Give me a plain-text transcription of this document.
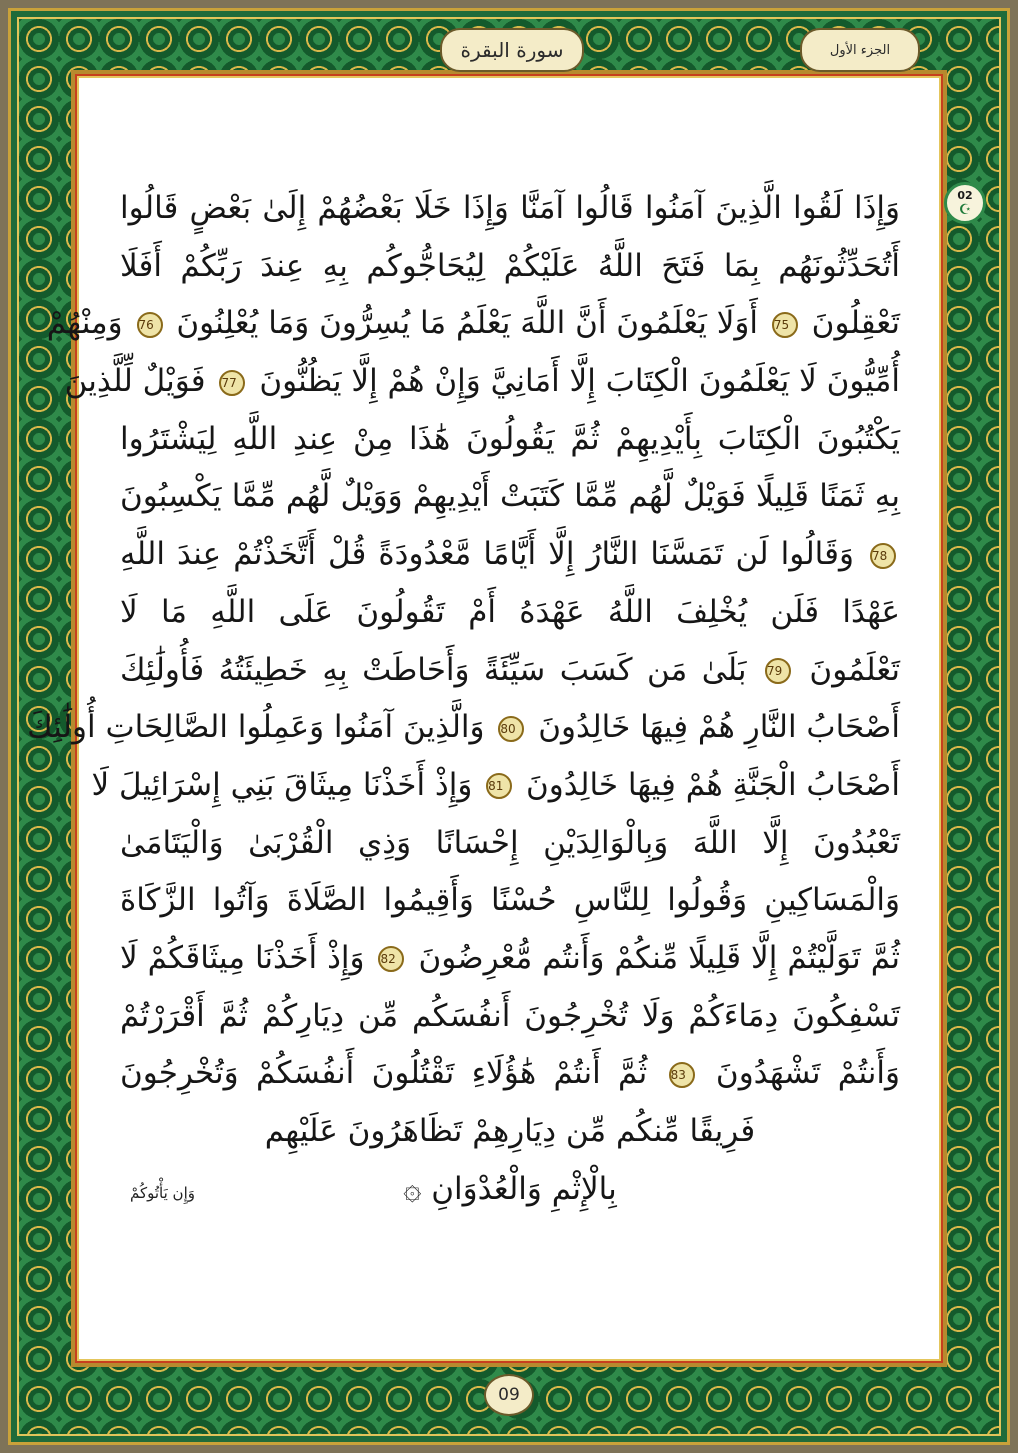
سورة البقرة	الجزء الأول
02
☪
وَإِذَا لَقُوا الَّذِينَ آمَنُوا قَالُوا آمَنَّا وَإِذَا خَلَا بَعْضُهُمْ إِلَىٰ بَعْضٍ قَالُوا
أَتُحَدِّثُونَهُم بِمَا فَتَحَ اللَّهُ عَلَيْكُمْ لِيُحَاجُّوكُم بِهِ عِندَ رَبِّكُمْ أَفَلَا
تَعْقِلُونَ 75 أَوَلَا يَعْلَمُونَ أَنَّ اللَّهَ يَعْلَمُ مَا يُسِرُّونَ وَمَا يُعْلِنُونَ 76 وَمِنْهُمْ
أُمِّيُّونَ لَا يَعْلَمُونَ الْكِتَابَ إِلَّا أَمَانِيَّ وَإِنْ هُمْ إِلَّا يَظُنُّونَ 77 فَوَيْلٌ لِّلَّذِينَ
يَكْتُبُونَ الْكِتَابَ بِأَيْدِيهِمْ ثُمَّ يَقُولُونَ هَٰذَا مِنْ عِندِ اللَّهِ لِيَشْتَرُوا
بِهِ ثَمَنًا قَلِيلًا فَوَيْلٌ لَّهُم مِّمَّا كَتَبَتْ أَيْدِيهِمْ وَوَيْلٌ لَّهُم مِّمَّا يَكْسِبُونَ
78 وَقَالُوا لَن تَمَسَّنَا النَّارُ إِلَّا أَيَّامًا مَّعْدُودَةً قُلْ أَتَّخَذْتُمْ عِندَ اللَّهِ
عَهْدًا فَلَن يُخْلِفَ اللَّهُ عَهْدَهُ أَمْ تَقُولُونَ عَلَى اللَّهِ مَا لَا
تَعْلَمُونَ 79 بَلَىٰ مَن كَسَبَ سَيِّئَةً وَأَحَاطَتْ بِهِ خَطِيئَتُهُ فَأُولَٰئِكَ
أَصْحَابُ النَّارِ هُمْ فِيهَا خَالِدُونَ 80 وَالَّذِينَ آمَنُوا وَعَمِلُوا الصَّالِحَاتِ أُولَٰئِكَ
أَصْحَابُ الْجَنَّةِ هُمْ فِيهَا خَالِدُونَ 81 وَإِذْ أَخَذْنَا مِيثَاقَ بَنِي إِسْرَائِيلَ لَا
تَعْبُدُونَ إِلَّا اللَّهَ وَبِالْوَالِدَيْنِ إِحْسَانًا وَذِي الْقُرْبَىٰ وَالْيَتَامَىٰ
وَالْمَسَاكِينِ وَقُولُوا لِلنَّاسِ حُسْنًا وَأَقِيمُوا الصَّلَاةَ وَآتُوا الزَّكَاةَ
ثُمَّ تَوَلَّيْتُمْ إِلَّا قَلِيلًا مِّنكُمْ وَأَنتُم مُّعْرِضُونَ 82 وَإِذْ أَخَذْنَا مِيثَاقَكُمْ لَا
تَسْفِكُونَ دِمَاءَكُمْ وَلَا تُخْرِجُونَ أَنفُسَكُم مِّن دِيَارِكُمْ ثُمَّ أَقْرَرْتُمْ
وَأَنتُمْ تَشْهَدُونَ 83 ثُمَّ أَنتُمْ هَٰؤُلَاءِ تَقْتُلُونَ أَنفُسَكُمْ وَتُخْرِجُونَ
فَرِيقًا مِّنكُم مِّن دِيَارِهِمْ تَظَاهَرُونَ عَلَيْهِم
بِالْإِثْمِ وَالْعُدْوَانِ ۞
وَإِن يَأْتُوكُمْ
09
